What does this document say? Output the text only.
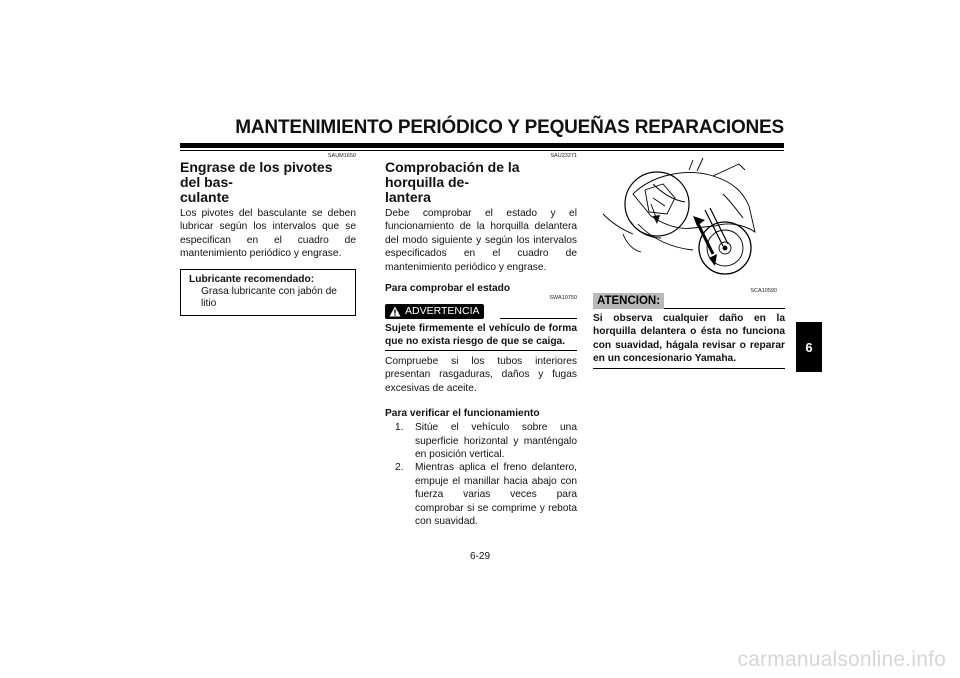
MANTENIMIENTO PERIÓDICO Y PEQUEÑAS REPARACIONES
SAUM1650
Engrase de los pivotes del bas-
culante
Los pivotes del basculante se deben lubricar según los intervalos que se especifican en el cuadro de mantenimiento periódico y engrase.
Lubricante recomendado:
Grasa lubricante con jabón de litio
SAU23271
Comprobación de la horquilla de-
lantera
Debe comprobar el estado y el funcionamiento de la horquilla delantera del modo siguiente y según los intervalos especificados en el cuadro de mantenimiento periódico y engrase.
Para comprobar el estado
SWA10750
ADVERTENCIA
Sujete firmemente el vehículo de forma que no exista riesgo de que se caiga.
Compruebe si los tubos interiores presentan rasgaduras, daños y fugas excesivas de aceite.
Para verificar el funcionamiento
1.	Sitúe el vehículo sobre una superficie horizontal y manténgalo en posición vertical.
2.	Mientras aplica el freno delantero, empuje el manillar hacia abajo con fuerza varias veces para comprobar si se comprime y rebota con suavidad.
SCA10590
ATENCION:
Si observa cualquier daño en la horquilla delantera o ésta no funciona con suavidad, hágala revisar o reparar en un concesionario Yamaha.
6
6-29
carmanualsonline.info
